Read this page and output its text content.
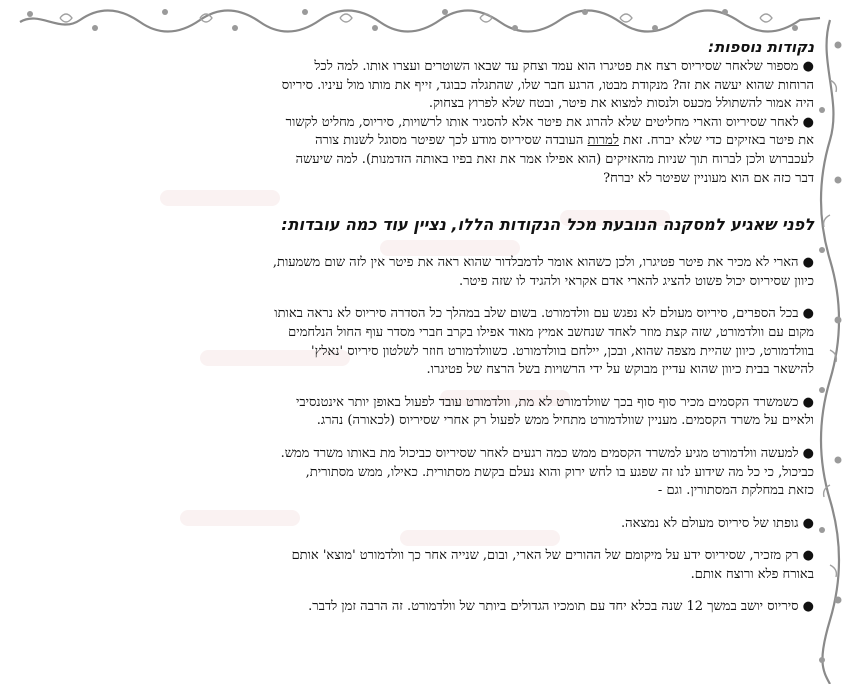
נקודות נוספות:
● מספור שלאחר שסיריוס רצח את פטיגרו הוא עמד וצחק עד שבאו השוטרים ועצרו אותו. למה לכל
הרוחות שהוא יעשה את זה? מנקודת מבטו, הרגע חבר שלו, שהתגלה כבוגד, זייף את מותו מול עיניו. סיריוס
היה אמור להשתולל מכעס ולנסות למצוא את פיטר, ובטח שלא לפרוץ בצחוק.
● לאחר שסיריוס והארי מחליטים שלא להרוג את פיטר אלא להסגיר אותו לרשויות, סיריוס, מחליט לקשור
את פיטר באזיקים כדי שלא יברח. זאת למרות העובדה שסיריוס מודע לכך שפיטר מסוגל לשנות צורה
לעכברוש ולכן לברוח תוך שניות מהאזיקים (הוא אפילו אמר את זאת בפיו באותה הזדמנות). למה שיעשה
דבר כזה אם הוא מעוניין שפיטר לא יברח?
לפני שאגיע למסקנה הנובעת מכל הנקודות הללו, נציין עוד כמה עובדות:
● הארי לא מכיר את פיטר פטיגרו, ולכן כשהוא אומר לדמבלדור שהוא ראה את פיטר אין לזה שום משמעות,
כיוון שסיריוס יכול פשוט להציג להארי אדם אקראי ולהגיד לו שזה פיטר.
● בכל הספרים, סיריוס מעולם לא נפגש עם וולדמורט. בשום שלב במהלך כל הסדרה סיריוס לא נראה באותו
מקום עם וולדמורט, שזה קצת מוזר לאחד שנחשב אמיץ מאוד אפילו בקרב חברי מסדר עוף החול הנלחמים
בוולדמורט, כיוון שהיית מצפה שהוא, ובכן, יילחם בוולדמורט. כשוולדמורט חוזר לשלטון סיריוס 'נאלץ'
להישאר בבית כיוון שהוא עדיין מבוקש על ידי הרשויות בשל הרצח של פטיגרו.
● כשמשרד הקסמים מכיר סוף סוף בכך שוולדמורט לא מת, וולדמורט עובד לפעול באופן יותר אינטנסיבי
ולאיים על משרד הקסמים. מעניין שוולדמורט מתחיל ממש לפעול רק אחרי שסיריוס (לכאורה) נהרג.
● למעשה וולדמורט מגיע למשרד הקסמים ממש כמה רגעים לאחר שסיריוס כביכול מת באותו משרד ממש.
כביכול, כי כל מה שידוע לנו זה שפגע בו לחש ירוק והוא נעלם בקשת מסתורית. כאילו, ממש מסתורית,
כזאת במחלקת המסתורין. וגם -
● גופתו של סיריוס מעולם לא נמצאה.
● רק מזכיר, שסיריוס ידע על מיקומם של ההורים של הארי, ובום, שנייה אחר כך וולדמורט 'מוצא' אותם
באורח פלא ורוצח אותם.
● סיריוס יושב במשך 12 שנה בכלא יחד עם תומכיו הגדולים ביותר של וולדמורט. זה הרבה זמן לדבר.
